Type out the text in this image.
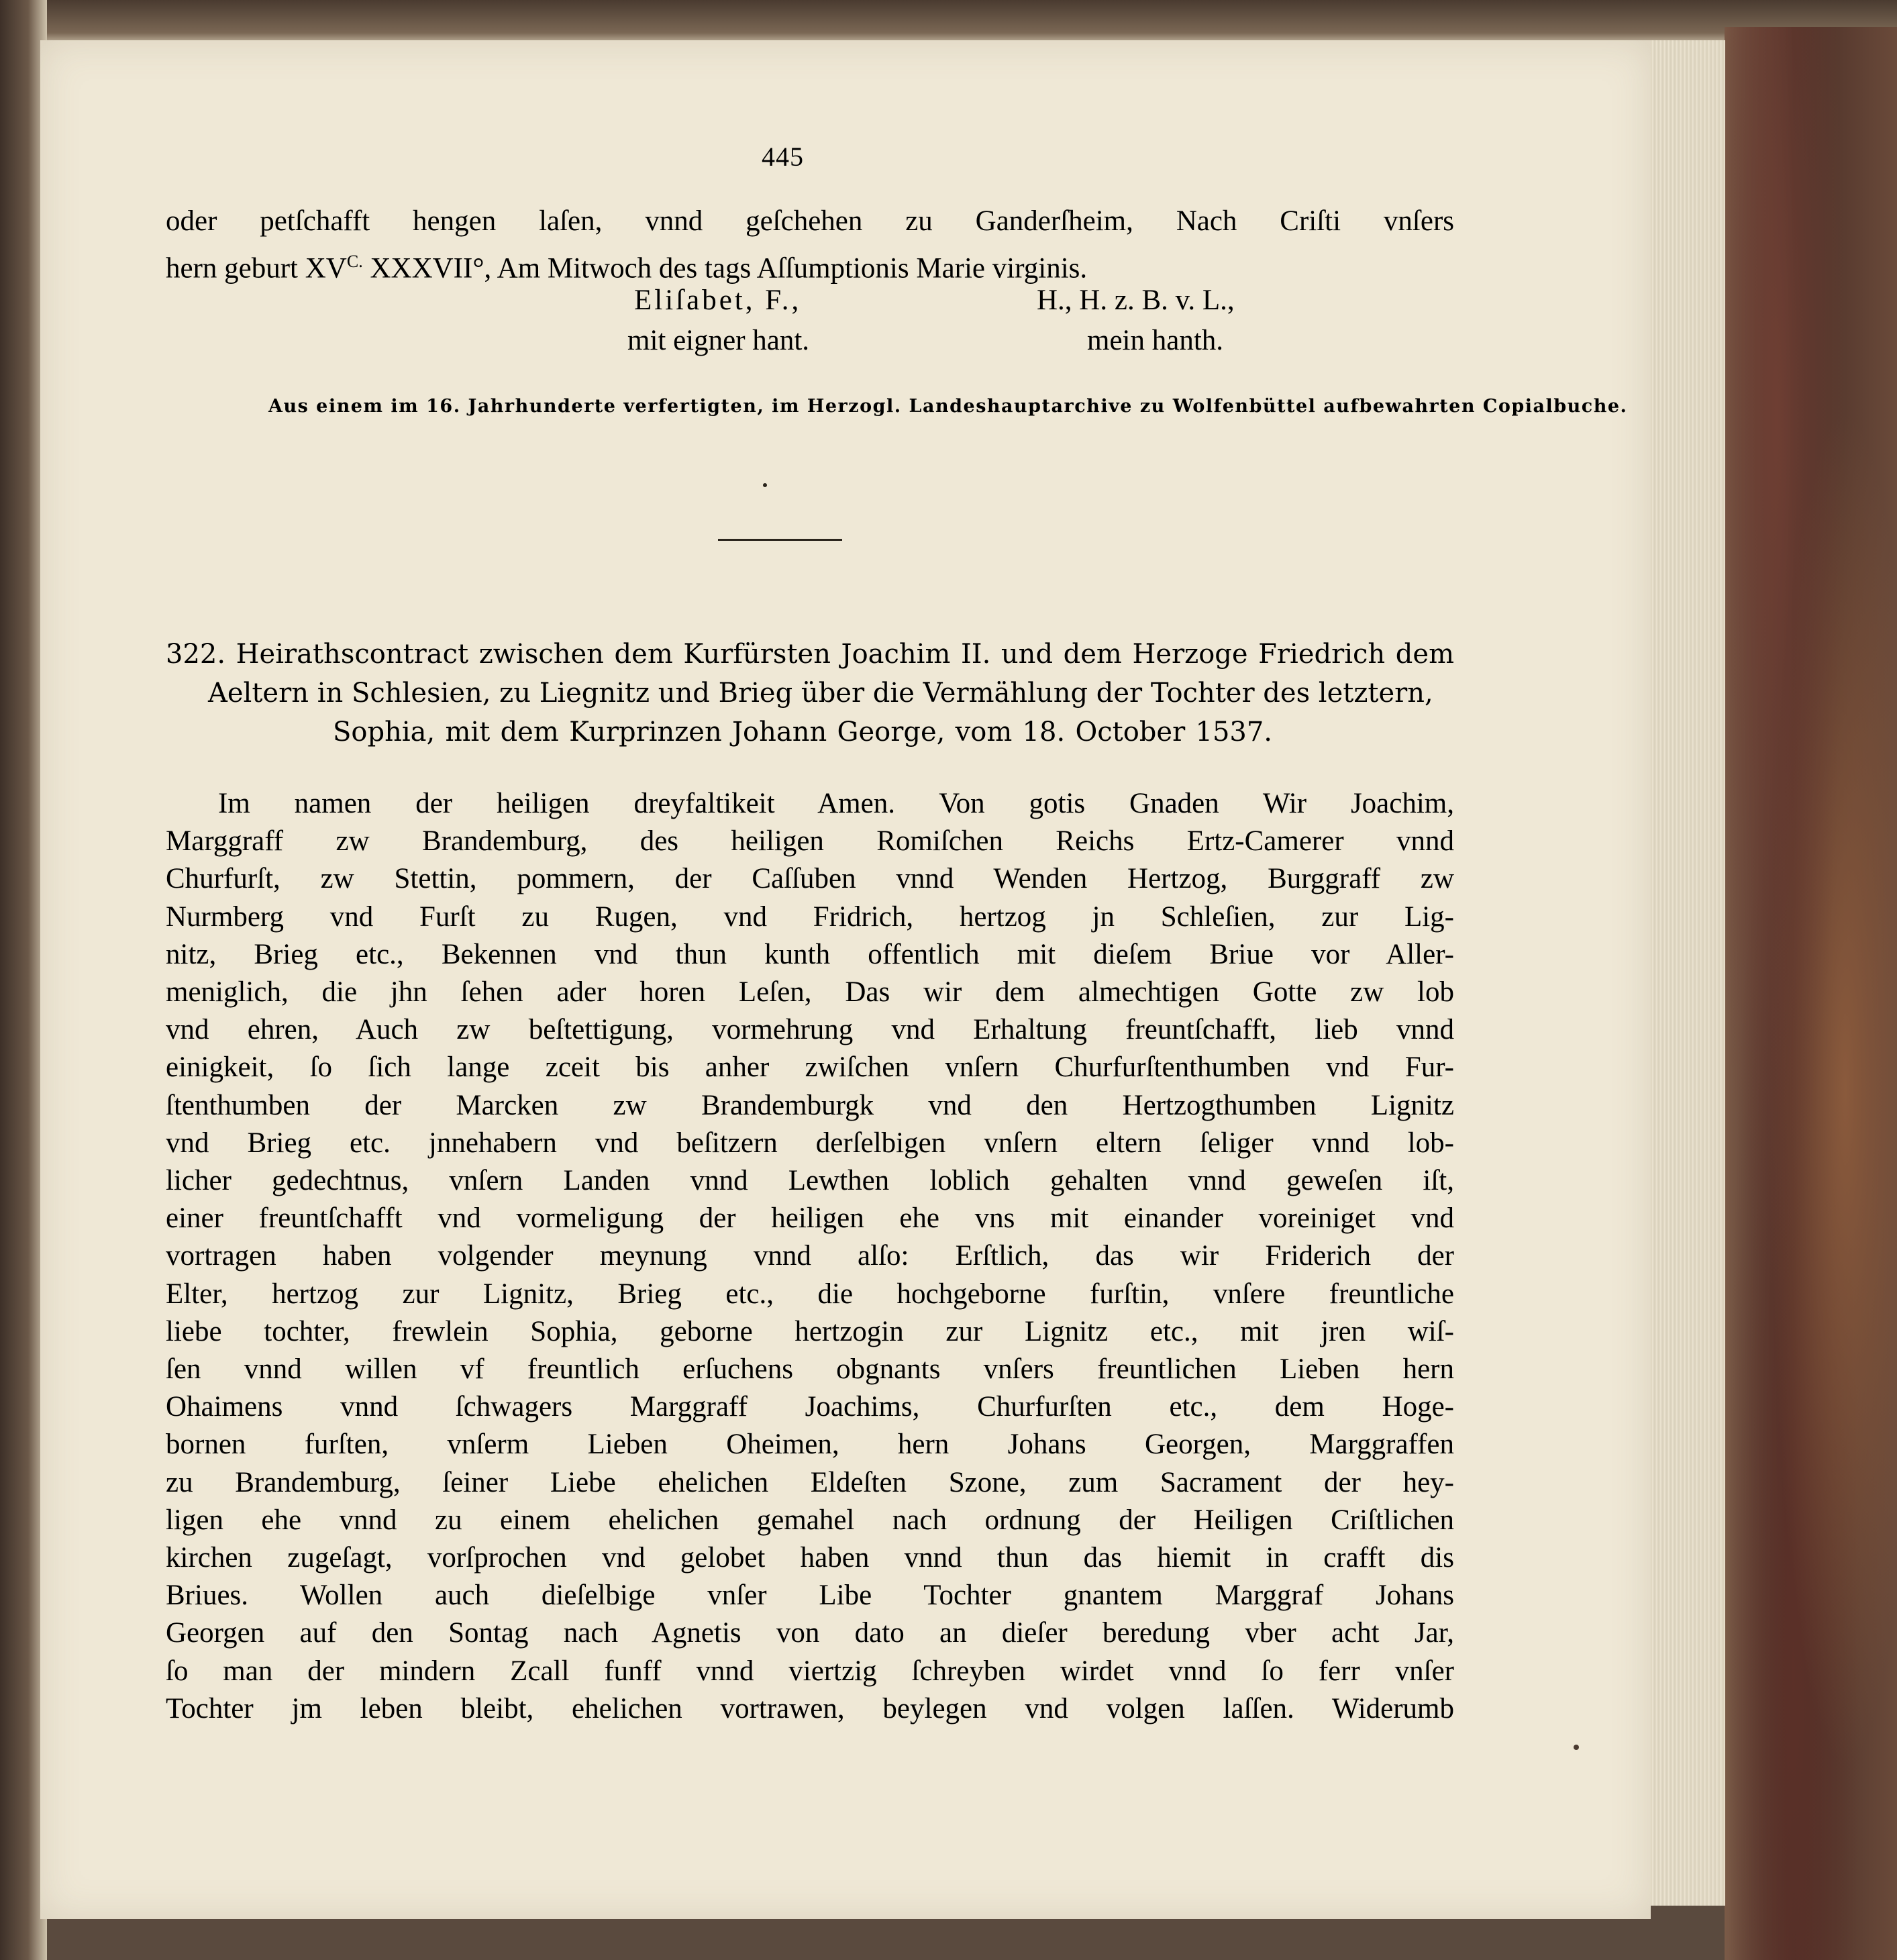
445
oder petſchafft hengen laſen, vnnd geſchehen zu Ganderſheim, Nach Criſti vnſers
hern geburt $XV^{C.}$ XXXVII°, Am Mitwoch des tags Aſſumptionis Marie virginis.
Eliſabet, F.,	H., H. z. B. v. L.,
mit eigner hant.	mein hanth.
Aus einem im 16. Jahrhunderte verfertigten, im Herzogl. Landeshauptarchive zu Wolfenbüttel aufbewahrten Copialbuche.
322. Heirathscontract zwischen dem Kurfürsten Joachim II. und dem Herzoge Friedrich dem
Aeltern in Schlesien, zu Liegnitz und Brieg über die Vermählung der Tochter des letztern,
Sophia, mit dem Kurprinzen Johann George, vom 18. October 1537.
Im namen der heiligen dreyfaltikeit Amen. Von gotis Gnaden Wir Joachim,
Marggraff zw Brandemburg, des heiligen Romiſchen Reichs Ertz-Camerer vnnd
Churfurſt, zw Stettin, pommern, der Caſſuben vnnd Wenden Hertzog, Burggraff zw
Nurmberg vnd Furſt zu Rugen, vnd Fridrich, hertzog jn Schleſien, zur Lig-
nitz, Brieg etc., Bekennen vnd thun kunth offentlich mit dieſem Briue vor Aller-
meniglich, die jhn ſehen ader horen Leſen, Das wir dem almechtigen Gotte zw lob
vnd ehren, Auch zw beſtettigung, vormehrung vnd Erhaltung freuntſchafft, lieb vnnd
einigkeit, ſo ſich lange zceit bis anher zwiſchen vnſern Churfurſtenthumben vnd Fur-
ſtenthumben der Marcken zw Brandemburgk vnd den Hertzogthumben Lignitz
vnd Brieg etc. jnnehabern vnd beſitzern derſelbigen vnſern eltern ſeliger vnnd lob-
licher gedechtnus, vnſern Landen vnnd Lewthen loblich gehalten vnnd geweſen iſt,
einer freuntſchafft vnd vormeligung der heiligen ehe vns mit einander voreiniget vnd
vortragen haben volgender meynung vnnd alſo: Erſtlich, das wir Friderich der
Elter, hertzog zur Lignitz, Brieg etc., die hochgeborne furſtin, vnſere freuntliche
liebe tochter, frewlein Sophia, geborne hertzogin zur Lignitz etc., mit jren wiſ-
ſen vnnd willen vf freuntlich erſuchens obgnants vnſers freuntlichen Lieben hern
Ohaimens vnnd ſchwagers Marggraff Joachims, Churfurſten etc., dem Hoge-
bornen furſten, vnſerm Lieben Oheimen, hern Johans Georgen, Marggraffen
zu Brandemburg, ſeiner Liebe ehelichen Eldeſten Szone, zum Sacrament der hey-
ligen ehe vnnd zu einem ehelichen gemahel nach ordnung der Heiligen Criſtlichen
kirchen zugeſagt, vorſprochen vnd gelobet haben vnnd thun das hiemit in crafft dis
Briues. Wollen auch dieſelbige vnſer Libe Tochter gnantem Marggraf Johans
Georgen auf den Sontag nach Agnetis von dato an dieſer beredung vber acht Jar,
ſo man der mindern Zcall funff vnnd viertzig ſchreyben wirdet vnnd ſo ferr vnſer
Tochter jm leben bleibt, ehelichen vortrawen, beylegen vnd volgen laſſen. Widerumb
